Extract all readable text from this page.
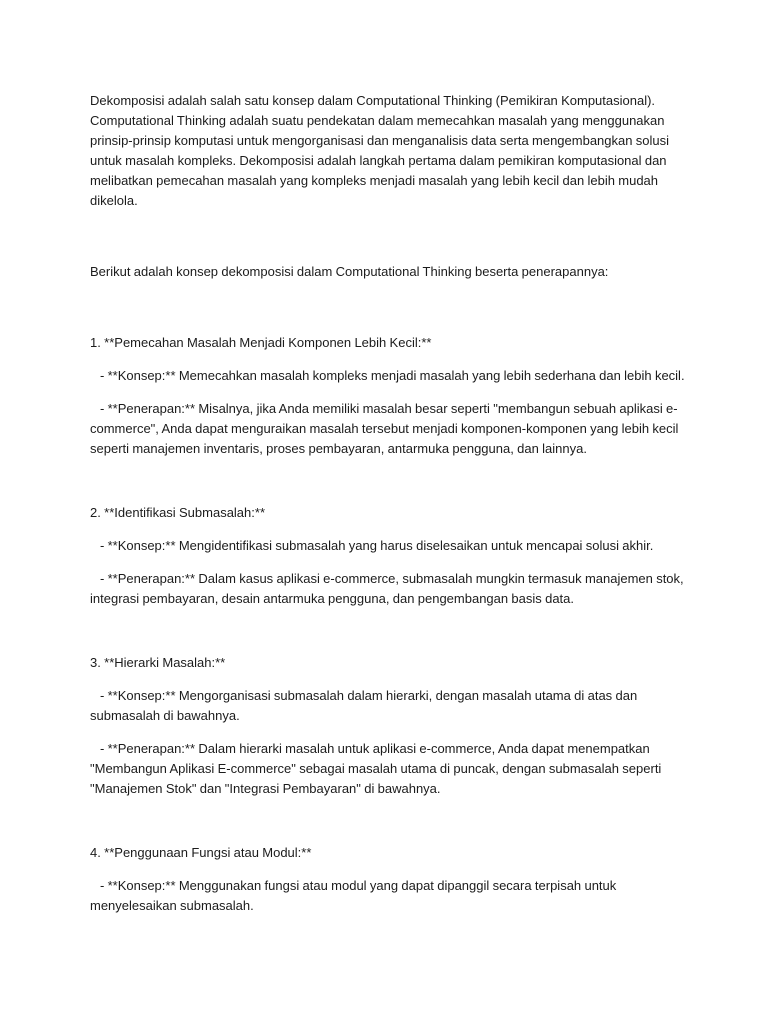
Dekomposisi adalah salah satu konsep dalam Computational Thinking (Pemikiran Komputasional). Computational Thinking adalah suatu pendekatan dalam memecahkan masalah yang menggunakan prinsip-prinsip komputasi untuk mengorganisasi dan menganalisis data serta mengembangkan solusi untuk masalah kompleks. Dekomposisi adalah langkah pertama dalam pemikiran komputasional dan melibatkan pemecahan masalah yang kompleks menjadi masalah yang lebih kecil dan lebih mudah dikelola.

Berikut adalah konsep dekomposisi dalam Computational Thinking beserta penerapannya:

1. **Pemecahan Masalah Menjadi Komponen Lebih Kecil:**

- **Konsep:** Memecahkan masalah kompleks menjadi masalah yang lebih sederhana dan lebih kecil.

- **Penerapan:** Misalnya, jika Anda memiliki masalah besar seperti "membangun sebuah aplikasi e-commerce", Anda dapat menguraikan masalah tersebut menjadi komponen-komponen yang lebih kecil seperti manajemen inventaris, proses pembayaran, antarmuka pengguna, dan lainnya.

2. **Identifikasi Submasalah:**

- **Konsep:** Mengidentifikasi submasalah yang harus diselesaikan untuk mencapai solusi akhir.

- **Penerapan:** Dalam kasus aplikasi e-commerce, submasalah mungkin termasuk manajemen stok, integrasi pembayaran, desain antarmuka pengguna, dan pengembangan basis data.

3. **Hierarki Masalah:**

- **Konsep:** Mengorganisasi submasalah dalam hierarki, dengan masalah utama di atas dan submasalah di bawahnya.

- **Penerapan:** Dalam hierarki masalah untuk aplikasi e-commerce, Anda dapat menempatkan "Membangun Aplikasi E-commerce" sebagai masalah utama di puncak, dengan submasalah seperti "Manajemen Stok" dan "Integrasi Pembayaran" di bawahnya.

4. **Penggunaan Fungsi atau Modul:**

- **Konsep:** Menggunakan fungsi atau modul yang dapat dipanggil secara terpisah untuk menyelesaikan submasalah.
